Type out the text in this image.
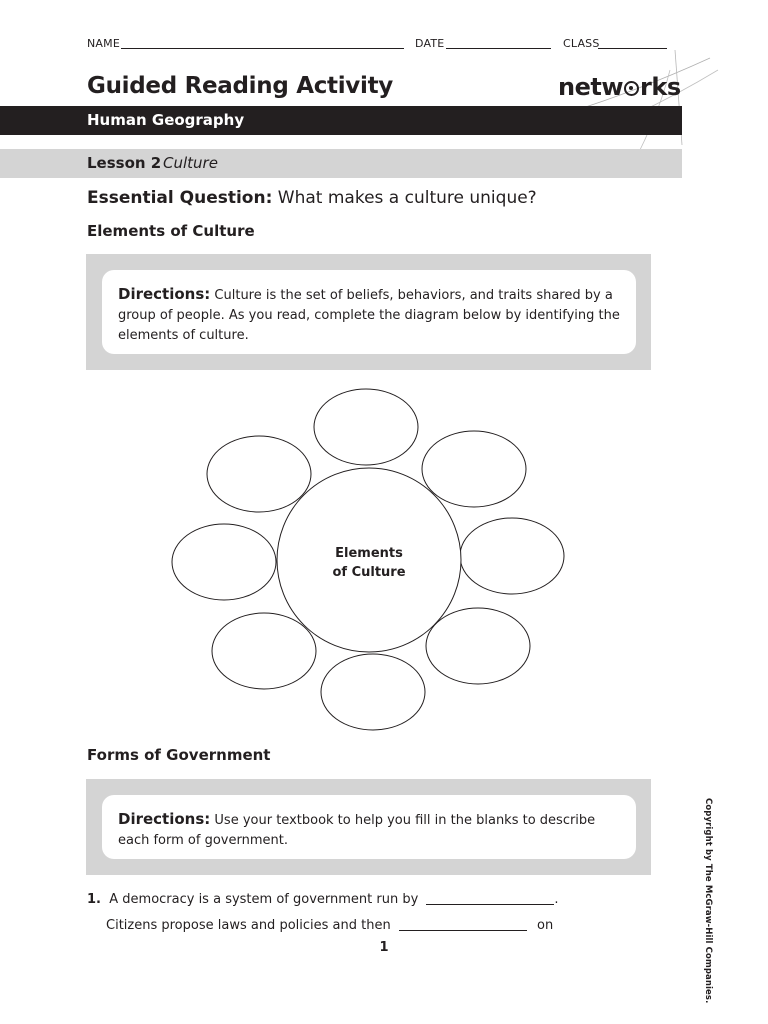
NAME	DATE	CLASS
Guided Reading Activity	netw rks
Human Geography
Lesson 2 Culture
Essential Question: What makes a culture unique?
Elements of Culture
Directions: Culture is the set of beliefs, behaviors, and traits shared by a group of people. As you read, complete the diagram below by identifying the elements of culture.
Elements
of Culture
Forms of Government
Directions: Use your textbook to help you fill in the blanks to describe each form of government.
1. A democracy is a system of government run by	.
Citizens propose laws and policies and then	on
1	Copyright by The McGraw-Hill Companies.
